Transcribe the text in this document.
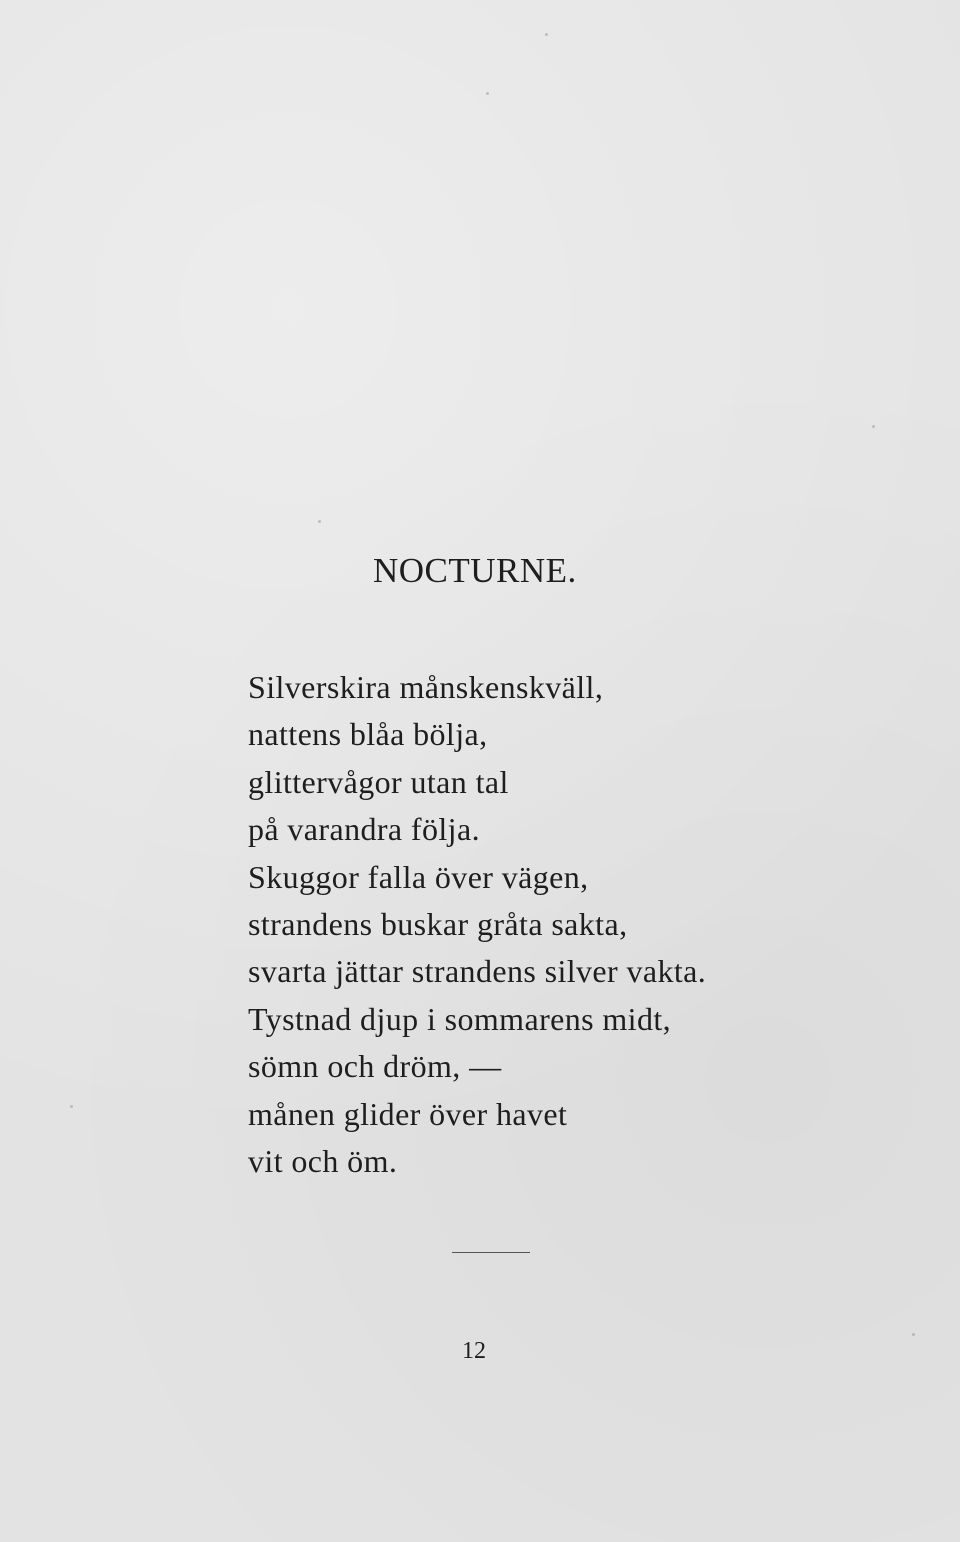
NOCTURNE.
Silverskira månskenskväll,
nattens blåa bölja,
glittervågor utan tal
på varandra följa.
Skuggor falla över vägen,
strandens buskar gråta sakta,
svarta jättar strandens silver vakta.
Tystnad djup i sommarens midt,
sömn och dröm, —
månen glider över havet
vit och öm.
12
